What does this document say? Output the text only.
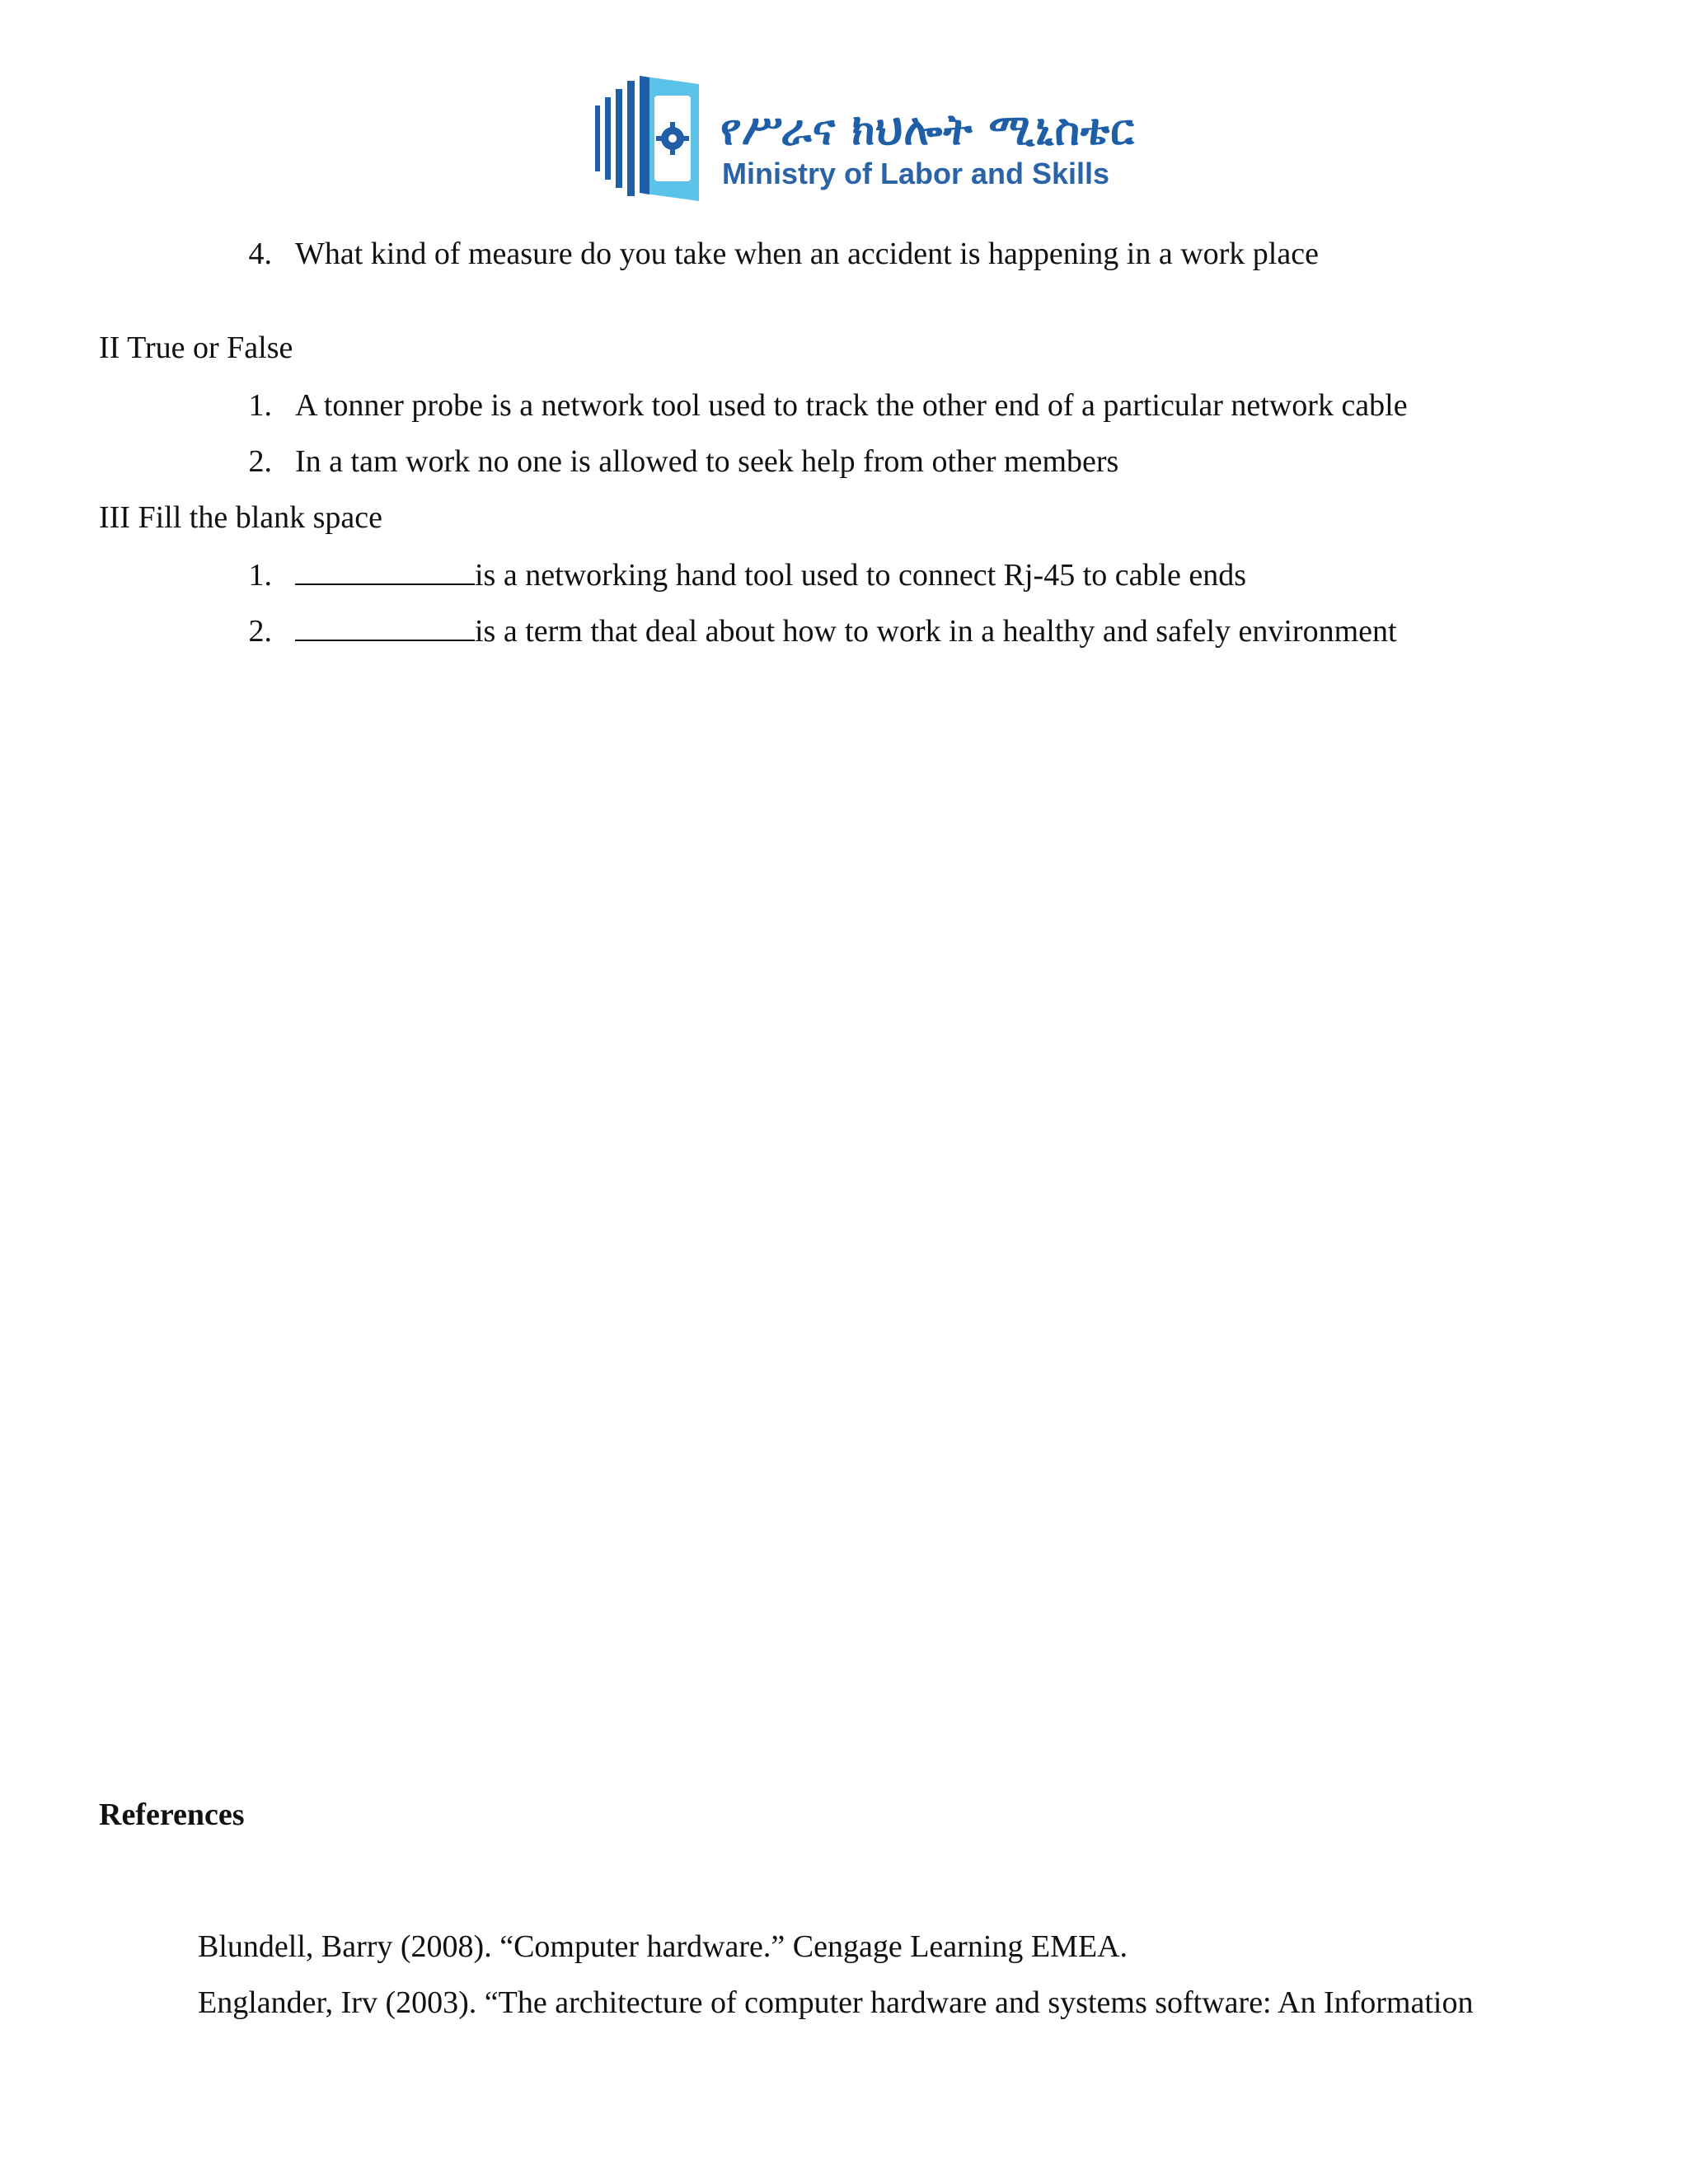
የሥራና ክህሎት ሚኒስቴር
Ministry of Labor and Skills
4. What kind of measure do you take when an accident is happening in a work place
II True or False
1. A tonner probe is a network tool used to track the other end of a particular network cable
2. In a tam work no one is allowed to seek help from other members
III Fill the blank space
1.	is a networking hand tool used to connect Rj-45 to cable ends
2.	is a term that deal about how to work in a healthy and safely environment
References
Blundell, Barry (2008). “Computer hardware.” Cengage Learning EMEA.
Englander, Irv (2003). “The architecture of computer hardware and systems software: An Information
